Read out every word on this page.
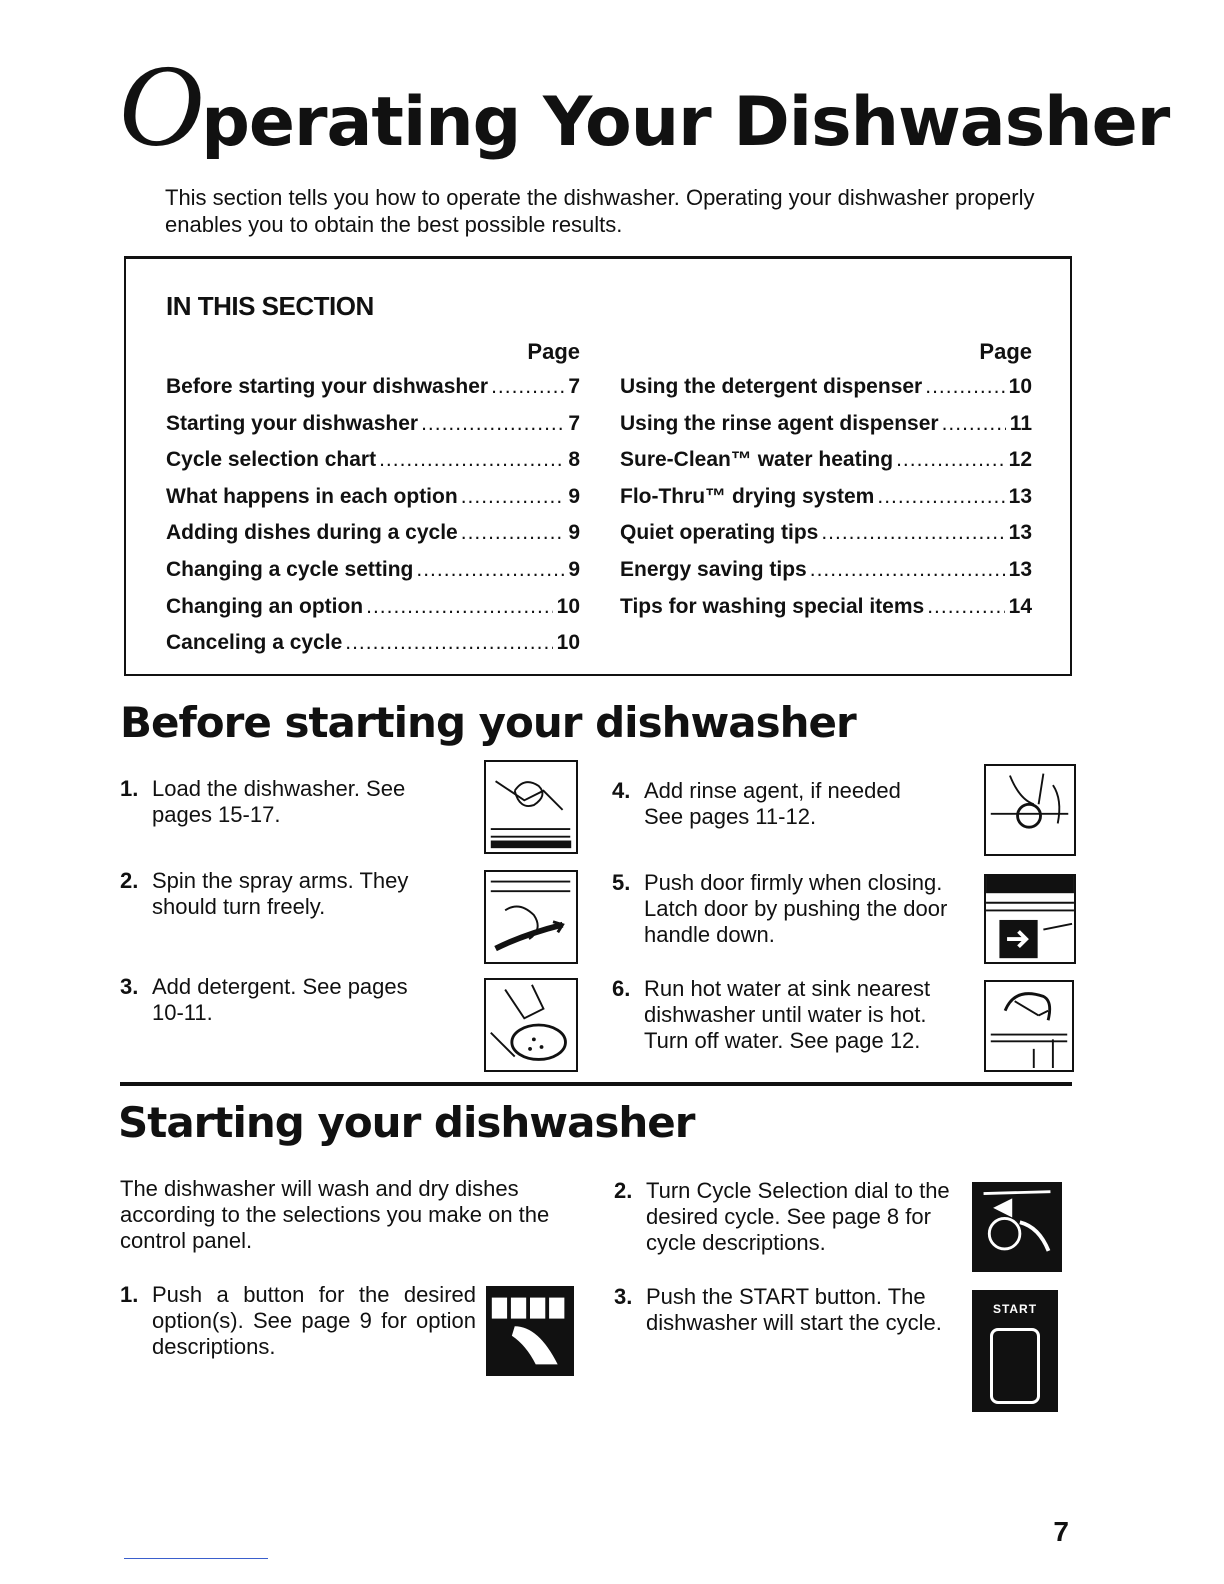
Operating Your Dishwasher
This section tells you how to operate the dishwasher. Operating your dishwasher properly enables you to obtain the best possible results.
IN THIS SECTION
Page
Before starting your dishwasher .....	7
Starting your dishwasher .....	7
Cycle selection chart .....	8
What happens in each option .....	9
Adding dishes during a cycle .....	9
Changing a cycle setting .....	9
Changing an option .....	10
Canceling a cycle .....	10
Page
Using the detergent dispenser .....	10
Using the rinse agent dispenser .....	11
Sure-Clean™ water heating .....	12
Flo-Thru™ drying system .....	13
Quiet operating tips .....	13
Energy saving tips .....	13
Tips for washing special items .....	14
Before starting your dishwasher
1. Load the dishwasher. See pages 15-17.
2. Spin the spray arms. They should turn freely.
3. Add detergent. See pages 10-11.
4. Add rinse agent, if needed See pages 11-12.
5. Push door firmly when closing. Latch door by pushing the door handle down.
6. Run hot water at sink nearest dishwasher until water is hot. Turn off water. See page 12.
Starting your dishwasher
The dishwasher will wash and dry dishes according to the selections you make on the control panel.
1. Push a button for the desired option(s). See page 9 for option descriptions.
2. Turn Cycle Selection dial to the desired cycle. See page 8 for cycle descriptions.
3. Push the START button. The dishwasher will start the cycle.
START
7
